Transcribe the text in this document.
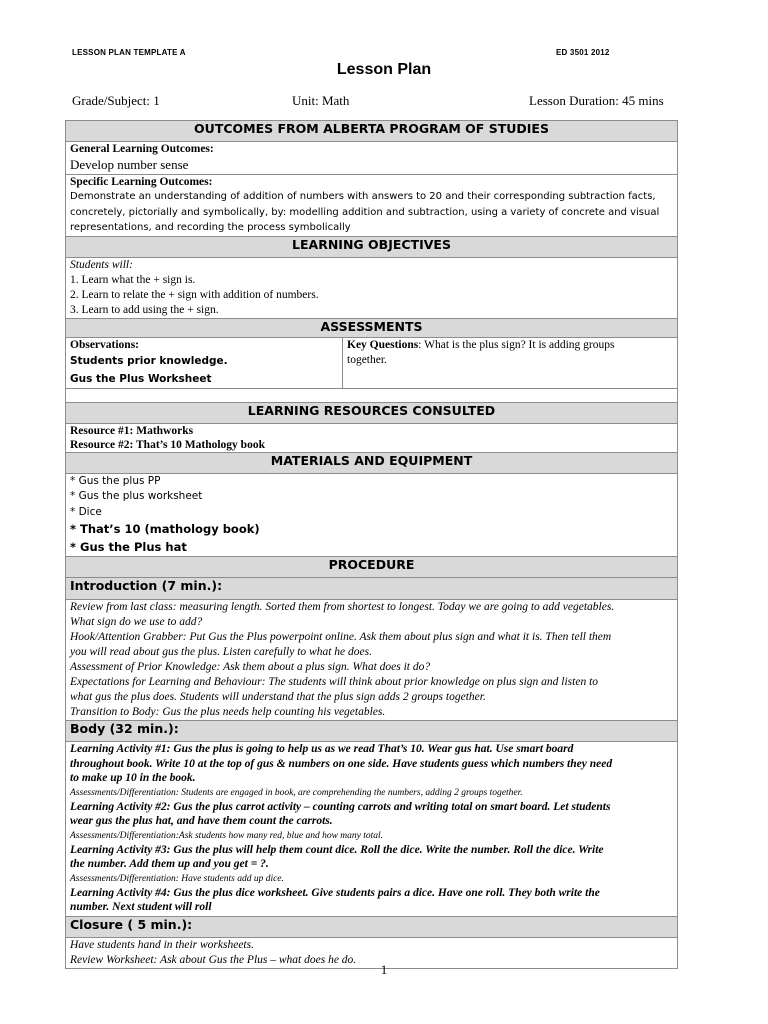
LESSON PLAN TEMPLATE A	ED 3501 2012
Lesson Plan
Grade/Subject: 1	Unit: Math	Lesson Duration: 45 mins
OUTCOMES FROM ALBERTA PROGRAM OF STUDIES

General Learning Outcomes:
Develop number sense

Specific Learning Outcomes:
Demonstrate an understanding of addition of numbers with answers to 20 and their corresponding subtraction facts,
concretely, pictorially and symbolically, by: modelling addition and subtraction, using a variety of concrete and visual
representations, and recording the process symbolically

LEARNING OBJECTIVES

Students will:
1. Learn what the + sign is.
2. Learn to relate the + sign with addition of numbers.
3. Learn to add using the + sign.

ASSESSMENTS

Observations:
Students prior knowledge.
Gus the Plus Worksheet

Key Questions: What is the plus sign? It is adding groups
together.

LEARNING RESOURCES CONSULTED

Resource #1: Mathworks
Resource #2: That’s 10 Mathology book

MATERIALS AND EQUIPMENT

* Gus the plus PP
* Gus the plus worksheet
* Dice
* That’s 10 (mathology book)
* Gus the Plus hat

PROCEDURE
Introduction (7 min.):

Review from last class: measuring length. Sorted them from shortest to longest. Today we are going to add vegetables.
What sign do we use to add?
Hook/Attention Grabber: Put Gus the Plus powerpoint online. Ask them about plus sign and what it is. Then tell them
you will read about gus the plus. Listen carefully to what he does.
Assessment of Prior Knowledge: Ask them about a plus sign. What does it do?
Expectations for Learning and Behaviour: The students will think about prior knowledge on plus sign and listen to
what gus the plus does. Students will understand that the plus sign adds 2 groups together.
Transition to Body: Gus the plus needs help counting his vegetables.

Body (32 min.):

Learning Activity #1: Gus the plus is going to help us as we read That’s 10. Wear gus hat. Use smart board
throughout book. Write 10 at the top of gus & numbers on one side. Have students guess which numbers they need
to make up 10 in the book.
Assessments/Differentiation: Students are engaged in book, are comprehending the numbers, adding 2 groups together.
Learning Activity #2: Gus the plus carrot activity – counting carrots and writing total on smart board. Let students
wear gus the plus hat, and have them count the carrots.
Assessments/Differentiation:Ask students how many red, blue and how many total.
Learning Activity #3: Gus the plus will help them count dice. Roll the dice. Write the number. Roll the dice. Write
the number. Add them up and you get = ?.
Assessments/Differentiation: Have students add up dice.
Learning Activity #4: Gus the plus dice worksheet. Give students pairs a dice. Have one roll. They both write the
number. Next student will roll

Closure ( 5 min.):

Have students hand in their worksheets.
Review Worksheet: Ask about Gus the Plus – what does he do.
1
